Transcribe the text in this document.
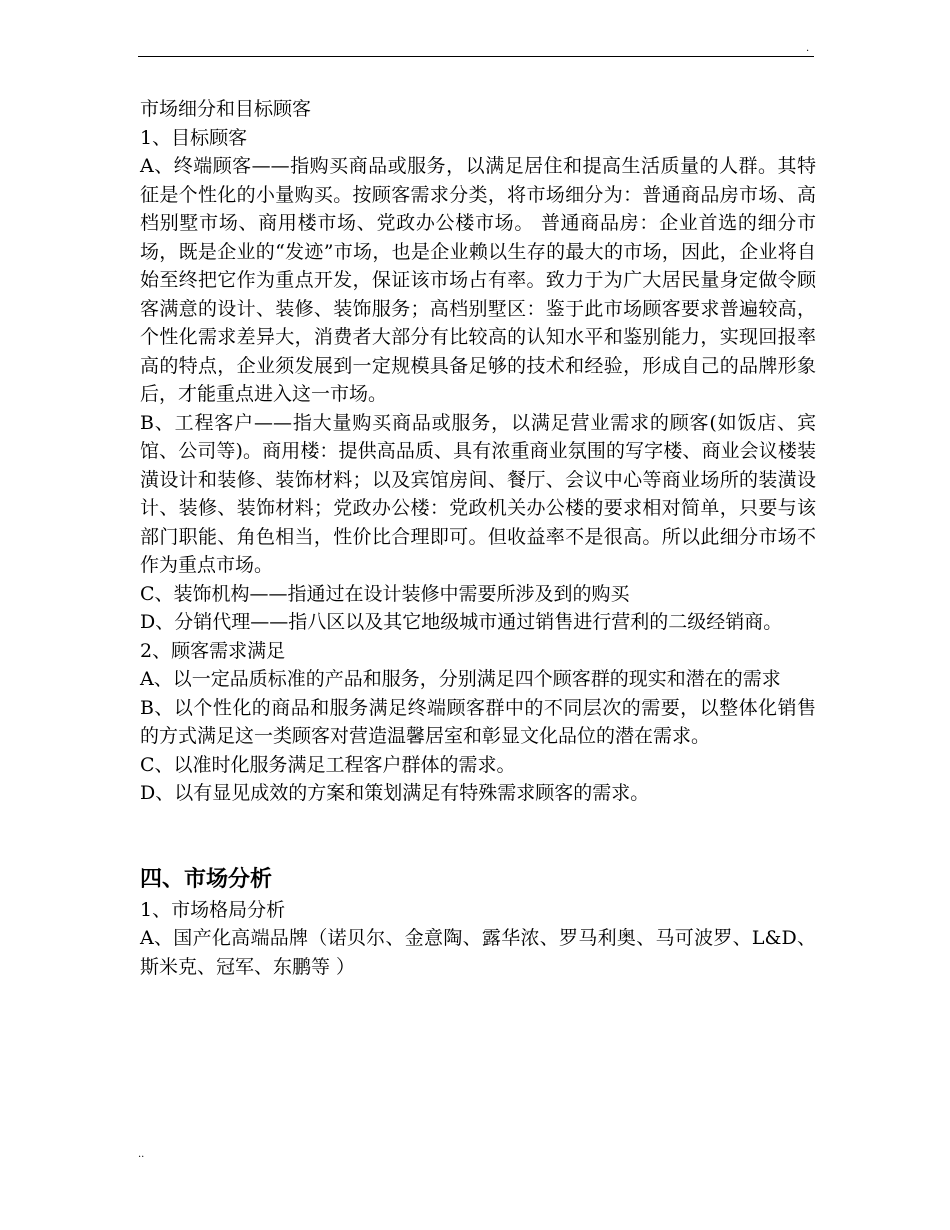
.

市场细分和目标顾客

1、目标顾客

A、终端顾客——指购买商品或服务，以满足居住和提高生活质量的人群。其特征是个性化的小量购买。按顾客需求分类，将市场细分为：普通商品房市场、高档别墅市场、商用楼市场、党政办公楼市场。 普通商品房：企业首选的细分市场，既是企业的“发迹”市场，也是企业赖以生存的最大的市场，因此，企业将自始至终把它作为重点开发，保证该市场占有率。致力于为广大居民量身定做令顾客满意的设计、装修、装饰服务；高档别墅区：鉴于此市场顾客要求普遍较高，个性化需求差异大，消费者大部分有比较高的认知水平和鉴别能力，实现回报率高的特点，企业须发展到一定规模具备足够的技术和经验，形成自己的品牌形象后，才能重点进入这一市场。

B、工程客户——指大量购买商品或服务，以满足营业需求的顾客(如饭店、宾馆、公司等)。商用楼：提供高品质、具有浓重商业氛围的写字楼、商业会议楼装潢设计和装修、装饰材料；以及宾馆房间、餐厅、会议中心等商业场所的装潢设计、装修、装饰材料；党政办公楼：党政机关办公楼的要求相对简单，只要与该部门职能、角色相当，性价比合理即可。但收益率不是很高。所以此细分市场不作为重点市场。

C、装饰机构——指通过在设计装修中需要所涉及到的购买

D、分销代理——指八区以及其它地级城市通过销售进行营利的二级经销商。

2、顾客需求满足

A、以一定品质标准的产品和服务，分别满足四个顾客群的现实和潜在的需求

B、以个性化的商品和服务满足终端顾客群中的不同层次的需要，以整体化销售的方式满足这一类顾客对营造温馨居室和彰显文化品位的潜在需求。

C、以准时化服务满足工程客户群体的需求。

D、以有显见成效的方案和策划满足有特殊需求顾客的需求。

四、市场分析

1、市场格局分析

A、国产化高端品牌（诺贝尔、金意陶、露华浓、罗马利奥、马可波罗、L&D、斯米克、冠军、东鹏等 ）

..
